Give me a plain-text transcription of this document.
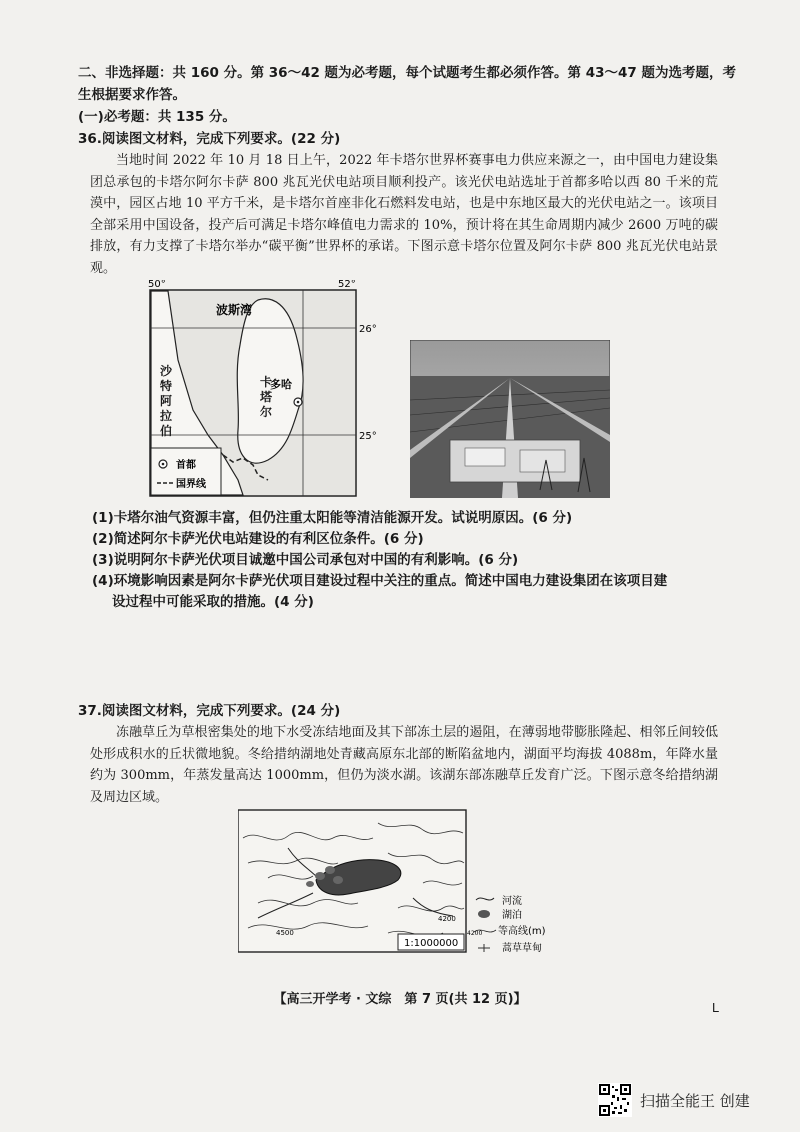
二、非选择题：共 160 分。第 36～42 题为必考题，每个试题考生都必须作答。第 43～47 题为选考题，考
生根据要求作答。
(一)必考题：共 135 分。
36.阅读图文材料，完成下列要求。(22 分)
当地时间 2022 年 10 月 18 日上午，2022 年卡塔尔世界杯赛事电力供应来源之一，由中国电力建设集团总承包的卡塔尔阿尔卡萨 800 兆瓦光伏电站项目顺利投产。该光伏电站选址于首都多哈以西 80 千米的荒漠中，园区占地 10 平方千米，是卡塔尔首座非化石燃料发电站，也是中东地区最大的光伏电站之一。该项目全部采用中国设备，投产后可满足卡塔尔峰值电力需求的 10%，预计将在其生命周期内减少 2600 万吨的碳排放，有力支撑了卡塔尔举办“碳平衡”世界杯的承诺。下图示意卡塔尔位置及阿尔卡萨 800 兆瓦光伏电站景观。
50°	52°
26°
25°
波斯湾
多哈
首都
国界线
沙特阿拉伯
卡塔尔
(1)卡塔尔油气资源丰富，但仍注重太阳能等清洁能源开发。试说明原因。(6 分)
(2)简述阿尔卡萨光伏电站建设的有利区位条件。(6 分)
(3)说明阿尔卡萨光伏项目诚邀中国公司承包对中国的有利影响。(6 分)
(4)环境影响因素是阿尔卡萨光伏项目建设过程中关注的重点。简述中国电力建设集团在该项目建
设过程中可能采取的措施。(4 分)
37.阅读图文材料，完成下列要求。(24 分)
冻融草丘为草根密集处的地下水受冻结地面及其下部冻土层的遏阻，在薄弱地带膨胀隆起、相邻丘间较低处形成积水的丘状微地貌。冬给措纳湖地处青藏高原东北部的断陷盆地内，湖面平均海拔 4088m，年降水量约为 300mm，年蒸发量高达 1000mm，但仍为淡水湖。该湖东部冻融草丘发育广泛。下图示意冬给措纳湖及周边区域。
4200
4500
1:1000000
4200
河流
湖泊
等高线(m)
蒿草草甸
【高三开学考 · 文综　第 7 页(共 12 页)】
L
扫描全能王 创建
